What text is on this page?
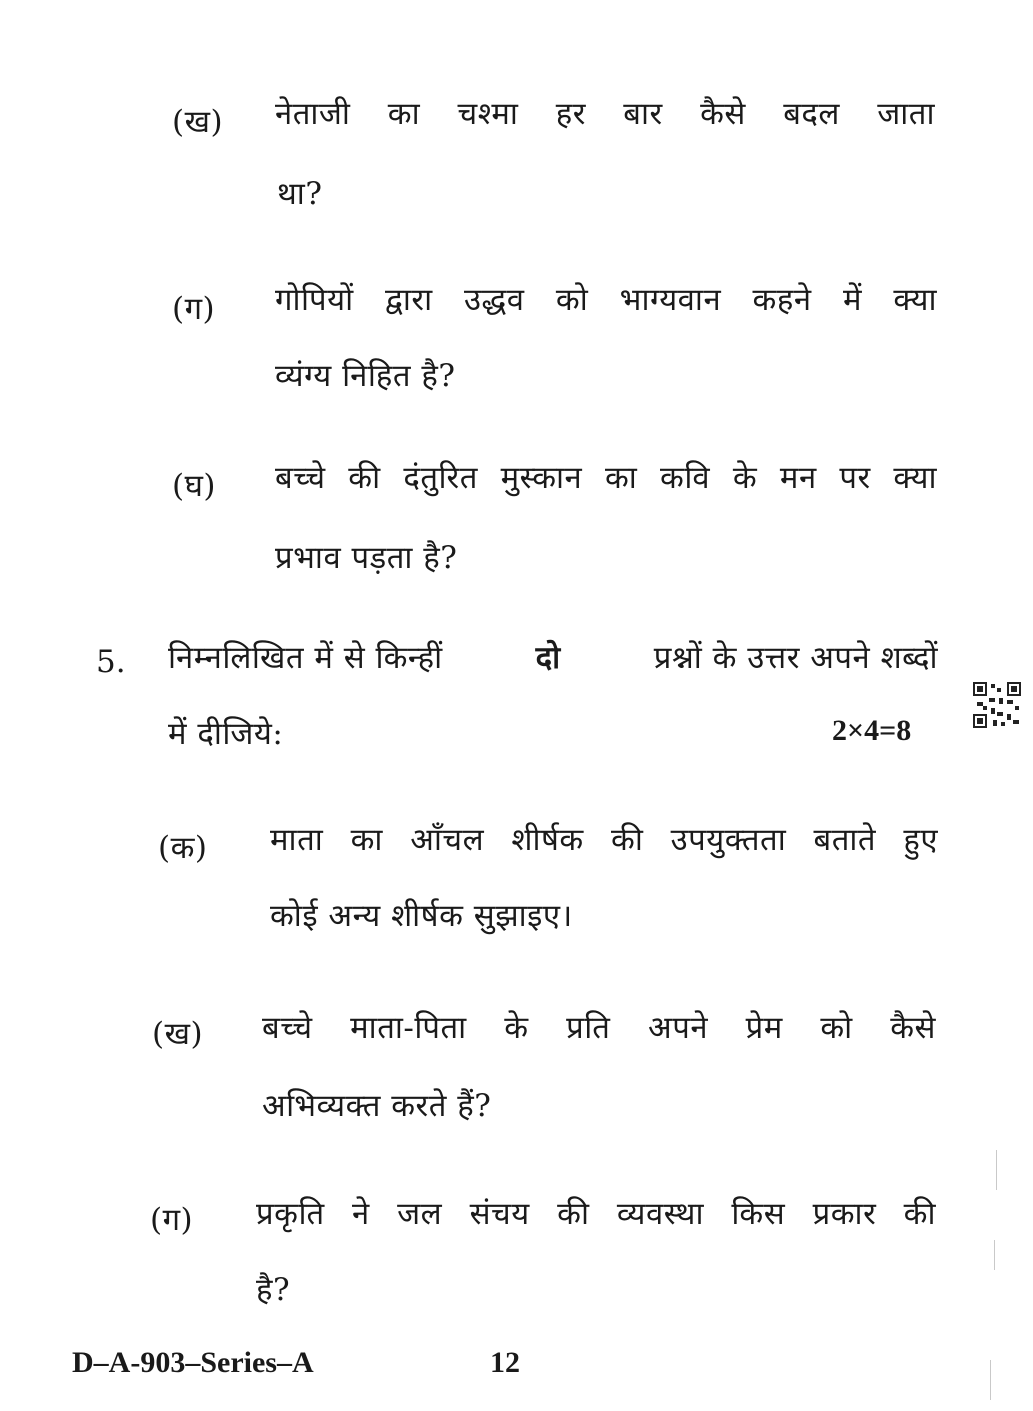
(ख) नेताजी का चश्मा हर बार कैसे बदल जाता
था?
(ग) गोपियों द्वारा उद्धव को भाग्यवान कहने में क्या
व्यंग्य निहित है?
(घ) बच्चे की दंतुरित मुस्कान का कवि के मन पर क्या
प्रभाव पड़ता है?
5. निम्नलिखित में से किन्हीं	दो	प्रश्नों के उत्तर अपने शब्दों
में दीजिये:	2×4=8
(क) माता का आँचल शीर्षक की उपयुक्तता बताते हुए
कोई अन्य शीर्षक सुझाइए।
(ख) बच्चे माता-पिता के प्रति अपने प्रेम को कैसे
अभिव्यक्त करते हैं?
(ग) प्रकृति ने जल संचय की व्यवस्था किस प्रकार की
है?
D–A-903–Series–A	12
